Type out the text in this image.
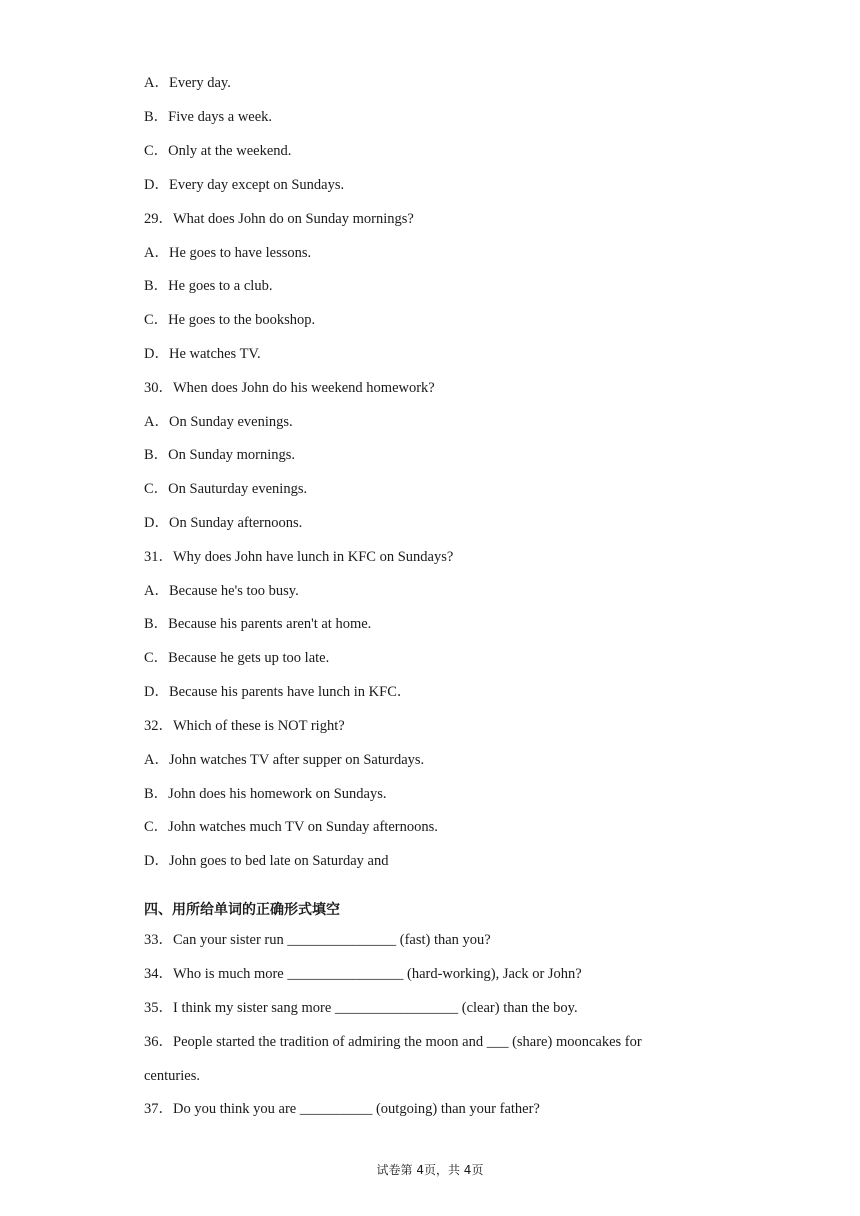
A．Every day.
B．Five days a week.
C．Only at the weekend.
D．Every day except on Sundays.
29．What does John do on Sunday mornings?
A．He goes to have lessons.
B．He goes to a club.
C．He goes to the bookshop.
D．He watches TV.
30．When does John do his weekend homework?
A．On Sunday evenings.
B．On Sunday mornings.
C．On Sauturday evenings.
D．On Sunday afternoons.
31．Why does John have lunch in KFC on Sundays?
A．Because he's too busy.
B．Because his parents aren't at home.
C．Because he gets up too late.
D．Because his parents have lunch in KFC．
32．Which of these is NOT right?
A．John watches TV after supper on Saturdays.
B．John does his homework on Sundays.
C．John watches much TV on Sunday afternoons.
D．John goes to bed late on Saturday and
四、用所给单词的正确形式填空
33．Can your sister run _______________ (fast) than you?
34．Who is much more ________________ (hard-working), Jack or John?
35．I think my sister sang more _________________ (clear) than the boy.
36．People started the tradition of admiring the moon and ___ (share) mooncakes for
centuries.
37．Do you think you are __________ (outgoing) than your father?
试卷第 4页，共 4页
